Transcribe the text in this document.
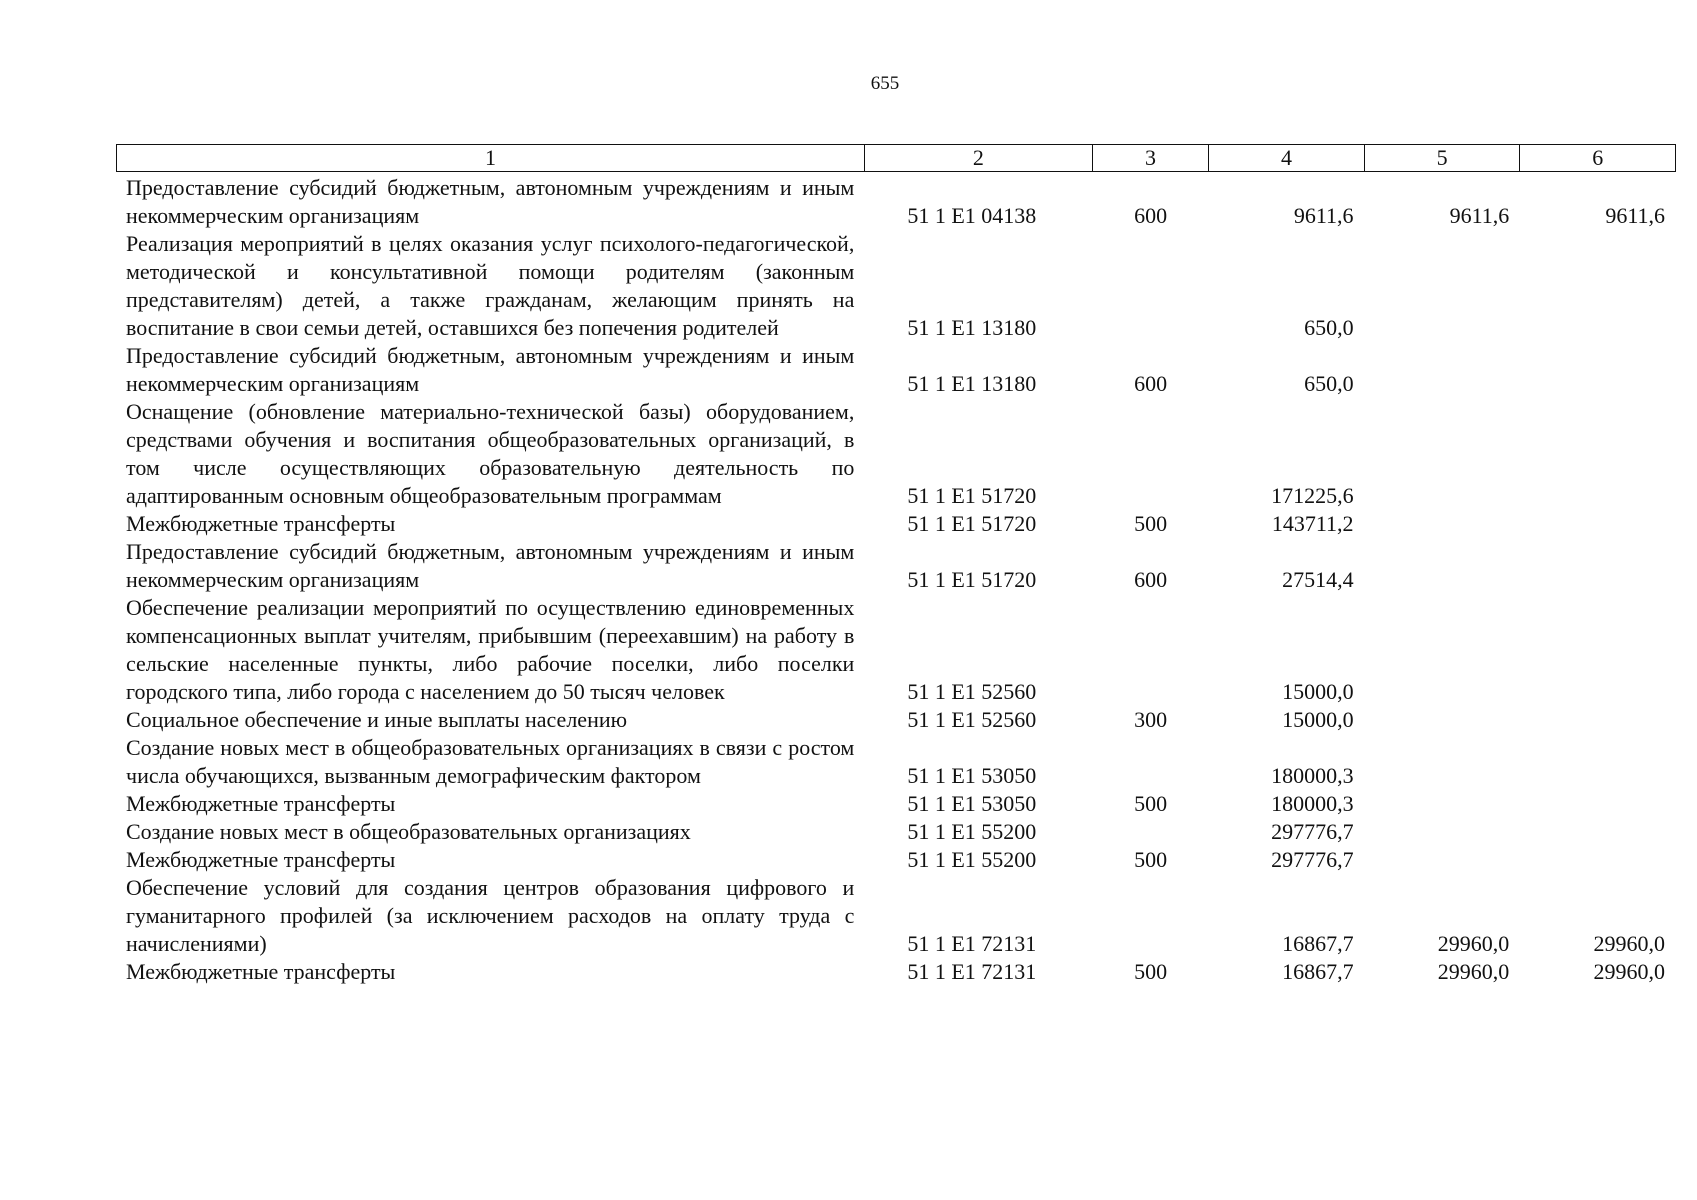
655
1	2	3	4	5	6
Предоставление субсидий бюджетным, автономным учреждениям и иным некоммерческим организациям	51 1 E1 04138	600	9611,6	9611,6	9611,6
Реализация мероприятий в целях оказания услуг психолого-педагогической, методической и консультативной помощи родителям (законным представителям) детей, а также гражданам, желающим принять на воспитание в свои семьи детей, оставшихся без попечения родителей	51 1 E1 13180		650,0		
Предоставление субсидий бюджетным, автономным учреждениям и иным некоммерческим организациям	51 1 E1 13180	600	650,0		
Оснащение (обновление материально-технической базы) оборудованием, средствами обучения и воспитания общеобразовательных организаций, в том числе осуществляющих образовательную деятельность по адаптированным основным общеобразовательным программам	51 1 E1 51720		171225,6		
Межбюджетные трансферты	51 1 E1 51720	500	143711,2		
Предоставление субсидий бюджетным, автономным учреждениям и иным некоммерческим организациям	51 1 E1 51720	600	27514,4		
Обеспечение реализации мероприятий по осуществлению единовременных компенсационных выплат учителям, прибывшим (переехавшим) на работу в сельские населенные пункты, либо рабочие поселки, либо поселки городского типа, либо города с населением до 50 тысяч человек	51 1 E1 52560		15000,0		
Социальное обеспечение и иные выплаты населению	51 1 E1 52560	300	15000,0		
Создание новых мест в общеобразовательных организациях в связи с ростом числа обучающихся, вызванным демографическим фактором	51 1 E1 53050		180000,3		
Межбюджетные трансферты	51 1 E1 53050	500	180000,3		
Создание новых мест в общеобразовательных организациях	51 1 E1 55200		297776,7		
Межбюджетные трансферты	51 1 E1 55200	500	297776,7		
Обеспечение условий для создания центров образования цифрового и гуманитарного профилей (за исключением расходов на оплату труда с начислениями)	51 1 E1 72131		16867,7	29960,0	29960,0
Межбюджетные трансферты	51 1 E1 72131	500	16867,7	29960,0	29960,0
